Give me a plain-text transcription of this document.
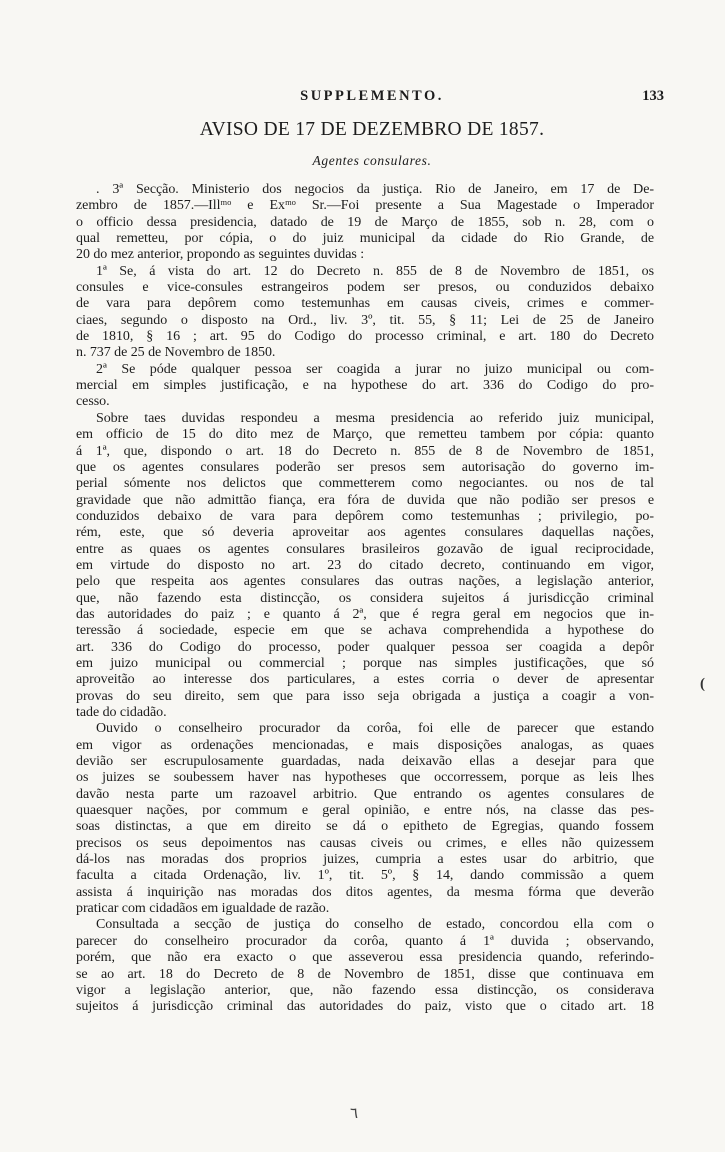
SUPPLEMENTO.	133
AVISO DE 17 DE DEZEMBRO DE 1857.
Agentes consulares.
. 3ª Secção. Ministerio dos negocios da justiça. Rio de Janeiro, em 17 de De-
zembro de 1857.—Illᵐᵒ e Exᵐᵒ Sr.—Foi presente a Sua Magestade o Imperador
o officio dessa presidencia, datado de 19 de Março de 1855, sob n. 28, com o
qual remetteu, por cópia, o do juiz municipal da cidade do Rio Grande, de
20 do mez anterior, propondo as seguintes duvidas :
1ª Se, á vista do art. 12 do Decreto n. 855 de 8 de Novembro de 1851, os
consules e vice-consules estrangeiros podem ser presos, ou conduzidos debaixo
de vara para depôrem como testemunhas em causas civeis, crimes e commer-
ciaes, segundo o disposto na Ord., liv. 3º, tit. 55, § 11; Lei de 25 de Janeiro
de 1810, § 16 ; art. 95 do Codigo do processo criminal, e art. 180 do Decreto
n. 737 de 25 de Novembro de 1850.
2ª Se póde qualquer pessoa ser coagida a jurar no juizo municipal ou com-
mercial em simples justificação, e na hypothese do art. 336 do Codigo do pro-
cesso.
Sobre taes duvidas respondeu a mesma presidencia ao referido juiz municipal,
em officio de 15 do dito mez de Março, que remetteu tambem por cópia: quanto
á 1ª, que, dispondo o art. 18 do Decreto n. 855 de 8 de Novembro de 1851,
que os agentes consulares poderão ser presos sem autorisação do governo im-
perial sómente nos delictos que commetterem como negociantes. ou nos de tal
gravidade que não admittão fiança, era fóra de duvida que não podião ser presos e
conduzidos debaixo de vara para depôrem como testemunhas ; privilegio, po-
rém, este, que só deveria aproveitar aos agentes consulares daquellas nações,
entre as quaes os agentes consulares brasileiros gozavão de igual reciprocidade,
em virtude do disposto no art. 23 do citado decreto, continuando em vigor,
pelo que respeita aos agentes consulares das outras nações, a legislação anterior,
que, não fazendo esta distincção, os considera sujeitos á jurisdicção criminal
das autoridades do paiz ; e quanto á 2ª, que é regra geral em negocios que in-
teressão á sociedade, especie em que se achava comprehendida a hypothese do
art. 336 do Codigo do processo, poder qualquer pessoa ser coagida a depôr
em juizo municipal ou commercial ; porque nas simples justificações, que só
aproveitão ao interesse dos particulares, a estes corria o dever de apresentar
provas do seu direito, sem que para isso seja obrigada a justiça a coagir a von-
tade do cidadão.
Ouvido o conselheiro procurador da corôa, foi elle de parecer que estando
em vigor as ordenações mencionadas, e mais disposições analogas, as quaes
devião ser escrupulosamente guardadas, nada deixavão ellas a desejar para que
os juizes se soubessem haver nas hypotheses que occorressem, porque as leis lhes
davão nesta parte um razoavel arbitrio. Que entrando os agentes consulares de
quaesquer nações, por commum e geral opinião, e entre nós, na classe das pes-
soas distinctas, a que em direito se dá o epitheto de Egregias, quando fossem
precisos os seus depoimentos nas causas civeis ou crimes, e elles não quizessem
dá-los nas moradas dos proprios juizes, cumpria a estes usar do arbitrio, que
faculta a citada Ordenação, liv. 1º, tit. 5º, § 14, dando commissão a quem
assista á inquirição nas moradas dos ditos agentes, da mesma fórma que deverão
praticar com cidadãos em igualdade de razão.
Consultada a secção de justiça do conselho de estado, concordou ella com o
parecer do conselheiro procurador da corôa, quanto á 1ª duvida ; observando,
porém, que não era exacto o que asseverou essa presidencia quando, referindo-
se ao art. 18 do Decreto de 8 de Novembro de 1851, disse que continuava em
vigor a legislação anterior, que, não fazendo essa distincção, os considerava
sujeitos á jurisdicção criminal das autoridades do paiz, visto que o citado art. 18
(
٦
